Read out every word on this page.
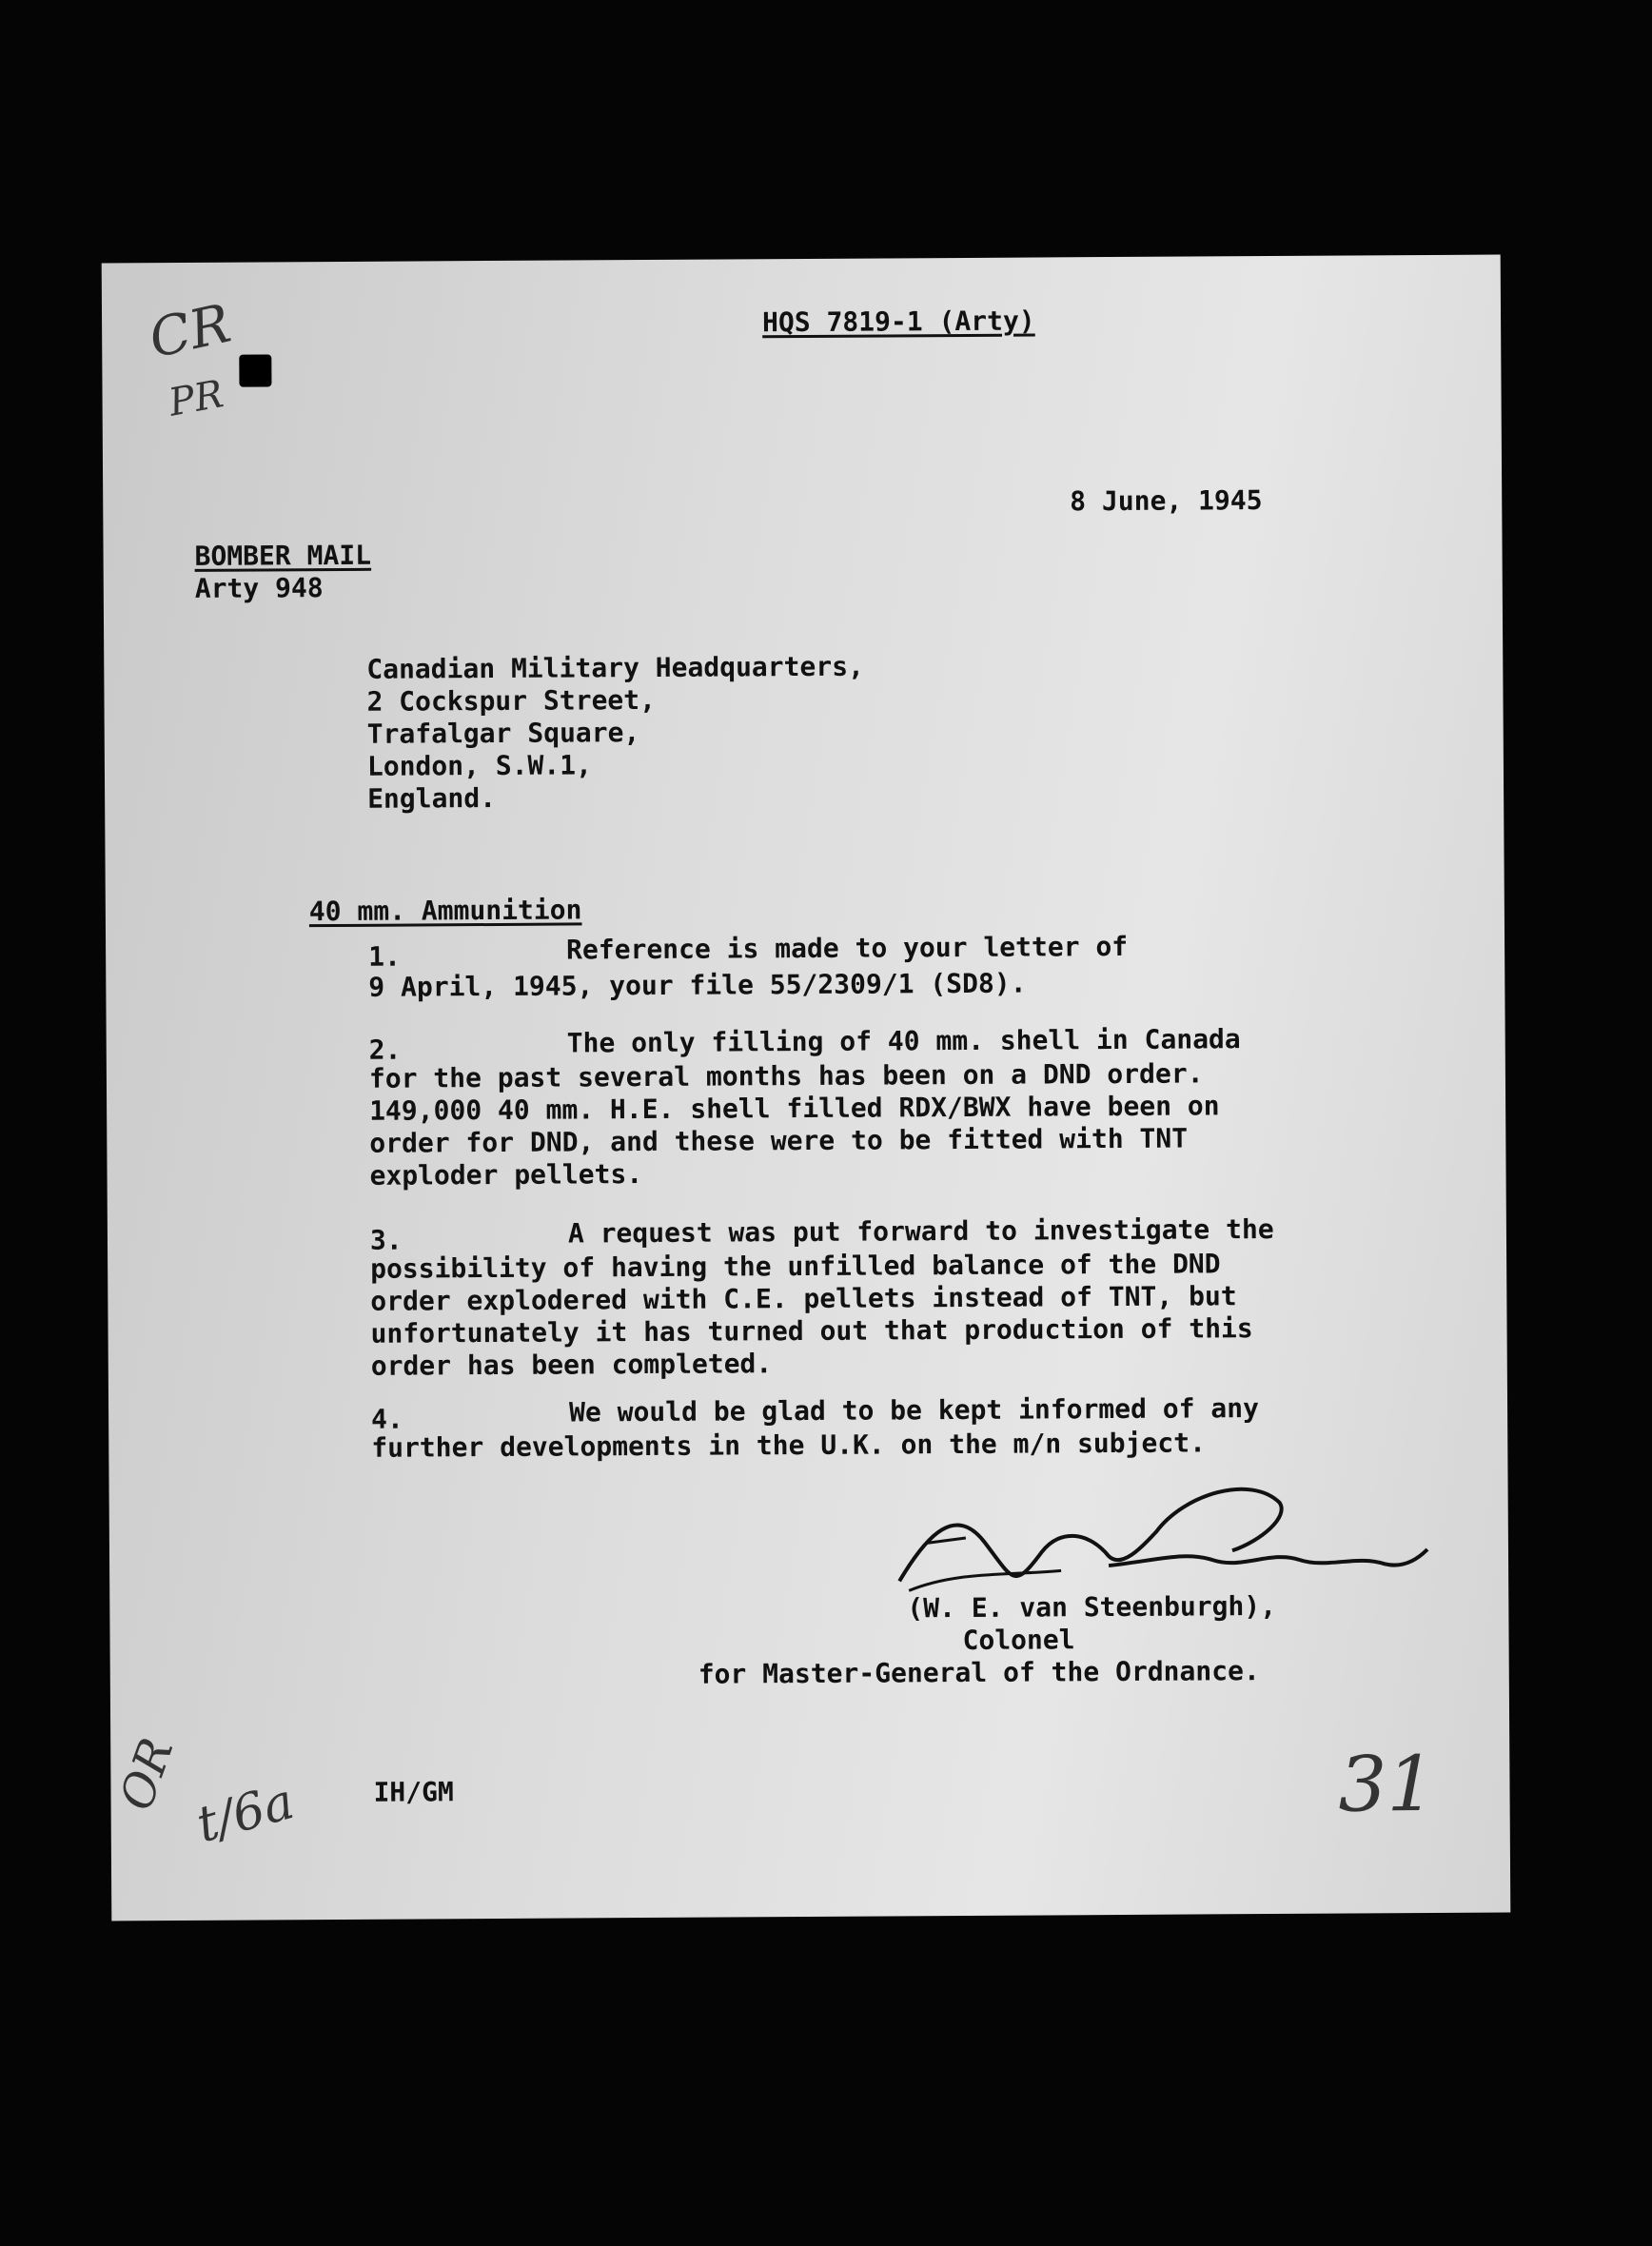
CR
PR

HQS 7819-1 (Arty)

8 June, 1945

BOMBER MAIL

Arty 948

Canadian Military Headquarters,

2 Cockspur Street,

Trafalgar Square,

London, S.W.1,

England.

40 mm. Ammunition

1.	Reference is made to your letter of

9 April, 1945, your file 55/2309/1 (SD8).

2.	The only filling of 40 mm. shell in Canada

for the past several months has been on a DND order.

149,000 40 mm. H.E. shell filled RDX/BWX have been on

order for DND, and these were to be fitted with TNT

exploder pellets.

3.	A request was put forward to investigate the

possibility of having the unfilled balance of the DND

order explodered with C.E. pellets instead of TNT, but

unfortunately it has turned out that production of this

order has been completed.

4.	We would be glad to be kept informed of any

further developments in the U.K. on the m/n subject.

(W. E. van Steenburgh),

Colonel

for Master-General of the Ordnance.

IH/GM	31
OR t/6a
